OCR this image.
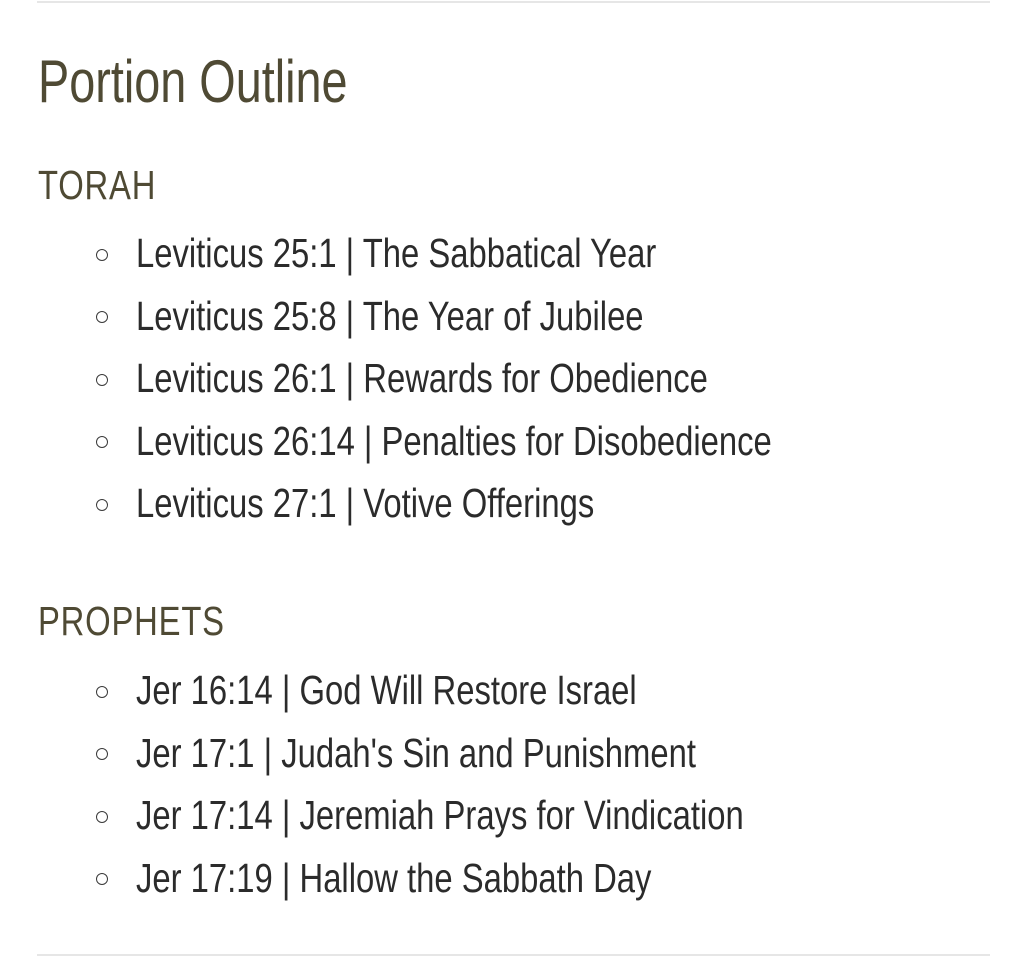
Portion Outline
TORAH
Leviticus 25:1 | The Sabbatical Year
Leviticus 25:8 | The Year of Jubilee
Leviticus 26:1 | Rewards for Obedience
Leviticus 26:14 | Penalties for Disobedience
Leviticus 27:1 | Votive Offerings
PROPHETS
Jer 16:14 | God Will Restore Israel
Jer 17:1 | Judah's Sin and Punishment
Jer 17:14 | Jeremiah Prays for Vindication
Jer 17:19 | Hallow the Sabbath Day
